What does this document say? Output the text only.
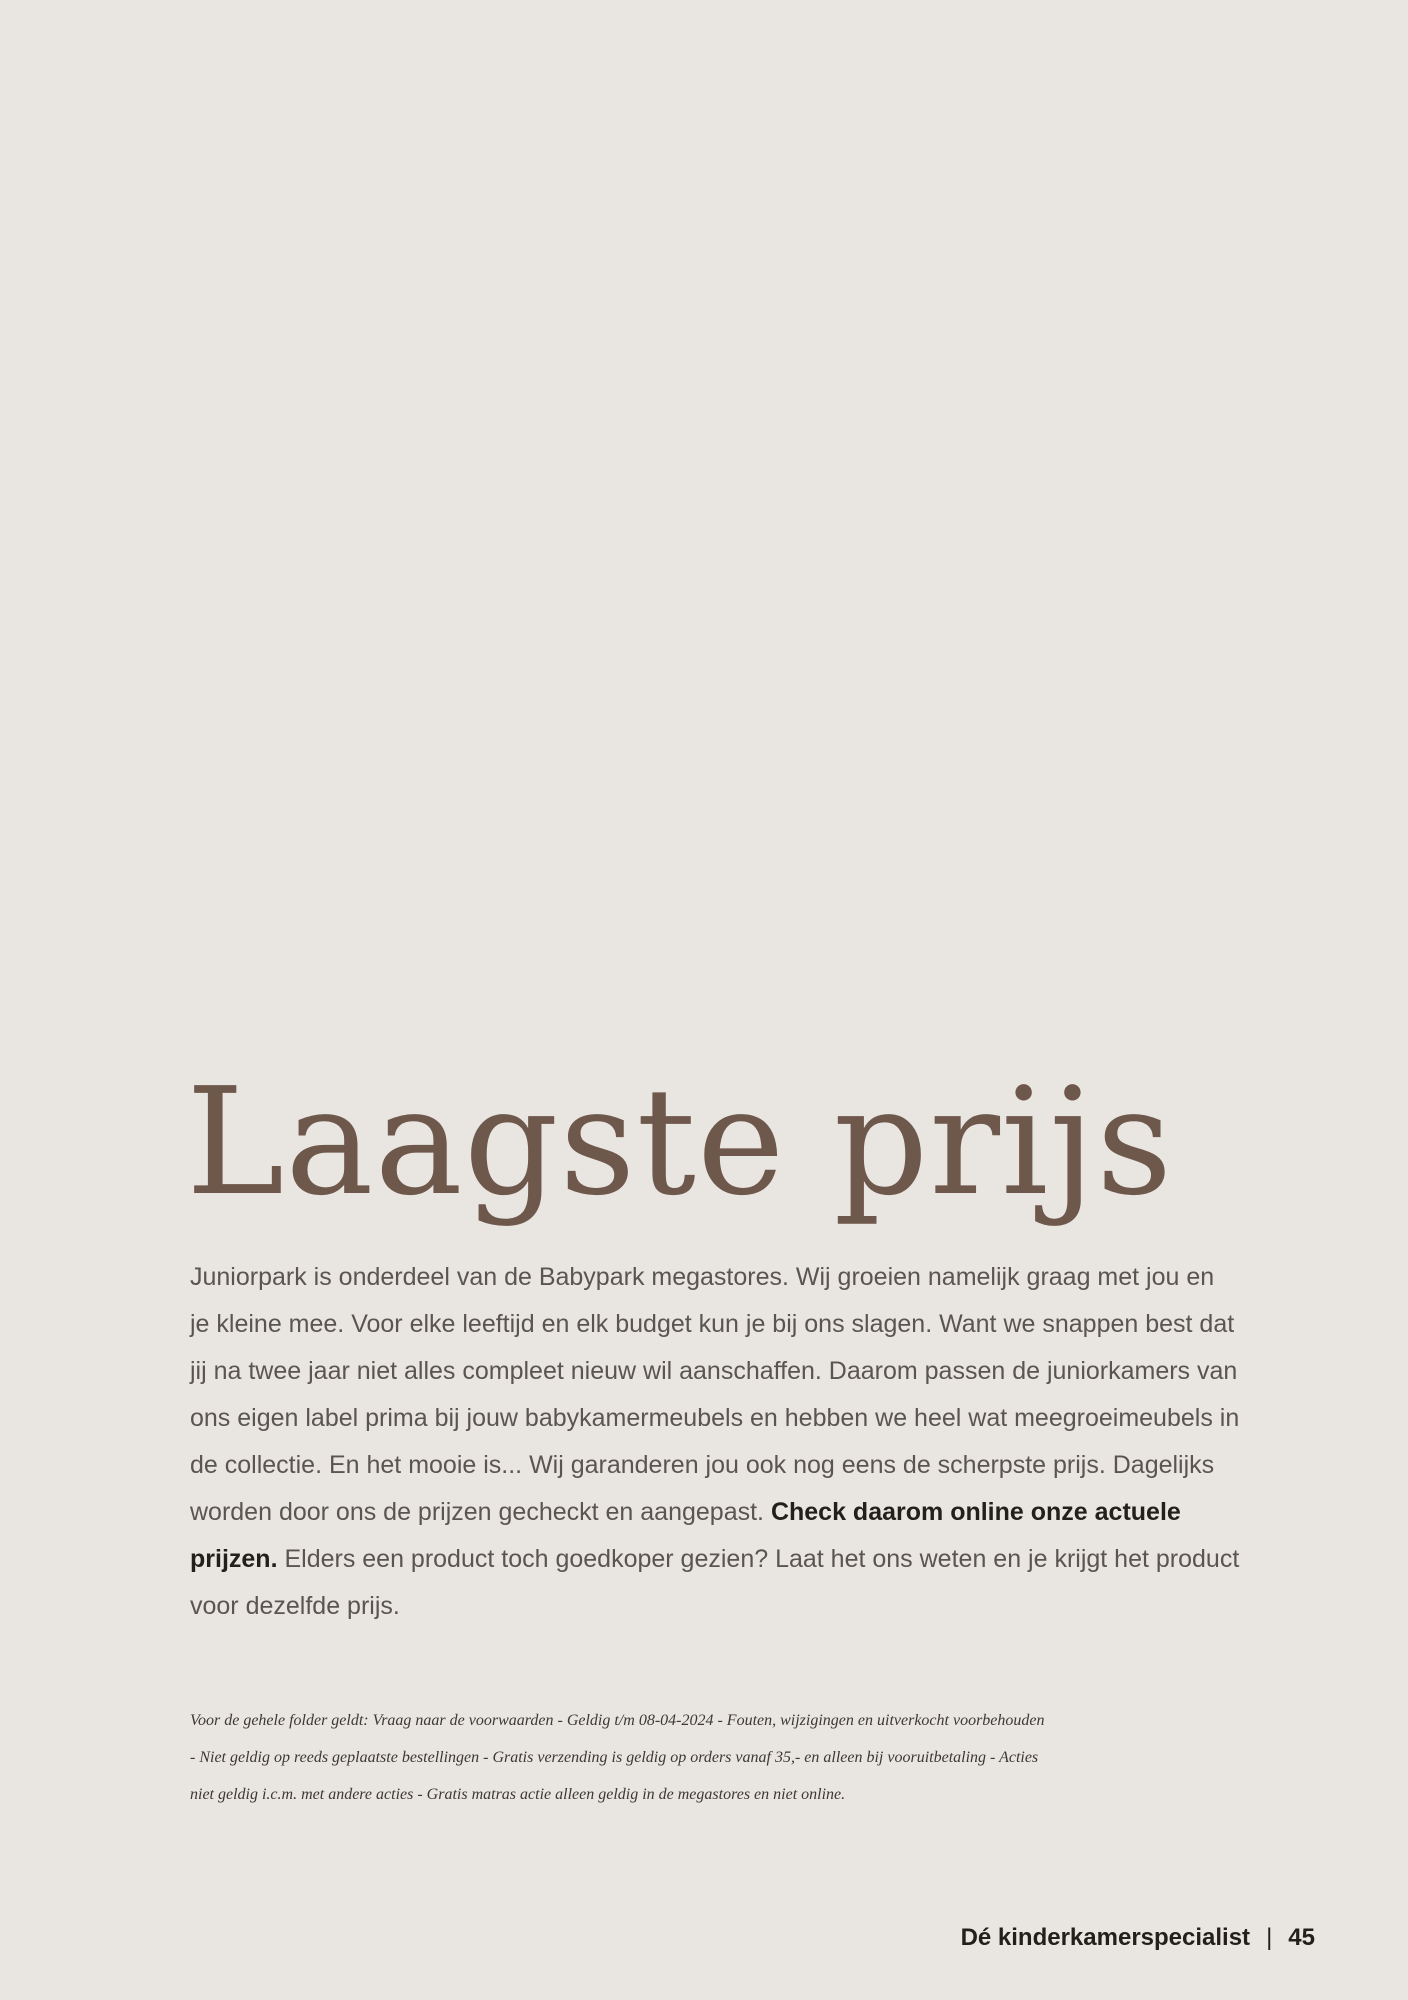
Laagste prijs

Juniorpark is onderdeel van de Babypark megastores. Wij groeien namelijk graag met jou en je kleine mee. Voor elke leeftijd en elk budget kun je bij ons slagen. Want we snappen best dat jij na twee jaar niet alles compleet nieuw wil aanschaffen. Daarom passen de juniorkamers van ons eigen label prima bij jouw babykamermeubels en hebben we heel wat meegroeimeubels in de collectie. En het mooie is... Wij garanderen jou ook nog eens de scherpste prijs. Dagelijks worden door ons de prijzen gecheckt en aangepast. Check daarom online onze actuele prijzen. Elders een product toch goedkoper gezien? Laat het ons weten en je krijgt het product voor dezelfde prijs.

Voor de gehele folder geldt: Vraag naar de voorwaarden - Geldig t/m 08-04-2024 - Fouten, wijzigingen en uitverkocht voorbehouden
- Niet geldig op reeds geplaatste bestellingen - Gratis verzending is geldig op orders vanaf 35,- en alleen bij vooruitbetaling - Acties
niet geldig i.c.m. met andere acties - Gratis matras actie alleen geldig in de megastores en niet online.
Dé kinderkamerspecialist | 45
